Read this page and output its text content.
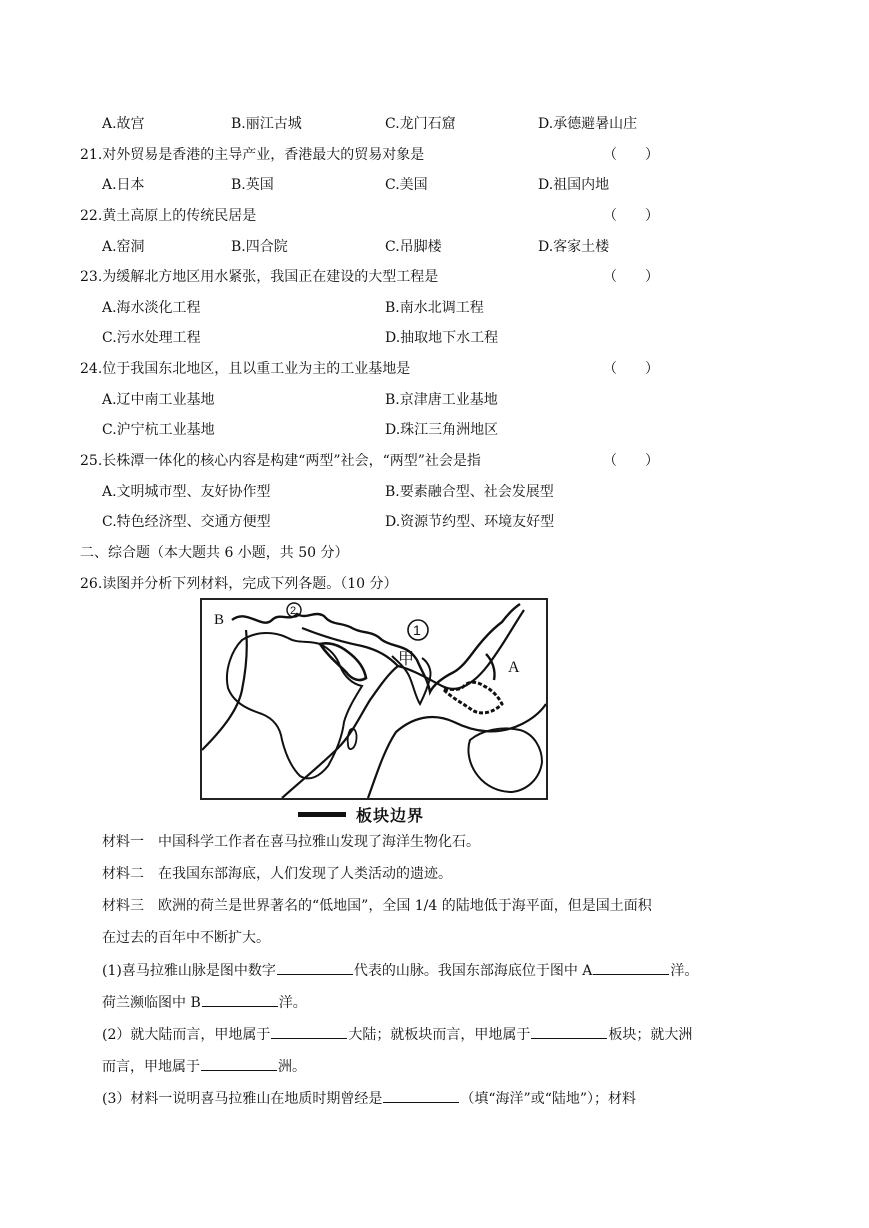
A.故宫	B.丽江古城	C.龙门石窟	D.承德避暑山庄
21.对外贸易是香港的主导产业，香港最大的贸易对象是	（　　）
A.日本	B.英国	C.美国	D.祖国内地
22.黄土高原上的传统民居是	（　　）
A.窑洞	B.四合院	C.吊脚楼	D.客家土楼
23.为缓解北方地区用水紧张，我国正在建设的大型工程是	（　　）
A.海水淡化工程	B.南水北调工程
C.污水处理工程	D.抽取地下水工程
24.位于我国东北地区，且以重工业为主的工业基地是	（　　）
A.辽中南工业基地	B.京津唐工业基地
C.沪宁杭工业基地	D.珠江三角洲地区
25.长株潭一体化的核心内容是构建“两型”社会，“两型”社会是指	（　　）
A.文明城市型、友好协作型	B.要素融合型、社会发展型
C.特色经济型、交通方便型	D.资源节约型、环境友好型
二、综合题（本大题共 6 小题，共 50 分）
26.读图并分析下列材料，完成下列各题。（10 分）
B
2
1
甲	A
板块边界
材料一　中国科学工作者在喜马拉雅山发现了海洋生物化石。
材料二　在我国东部海底，人们发现了人类活动的遗迹。
材料三　欧洲的荷兰是世界著名的“低地国”，全国 1/4 的陆地低于海平面，但是国土面积
在过去的百年中不断扩大。
(1)喜马拉雅山脉是图中数字	代表的山脉。我国东部海底位于图中 A	洋。
荷兰濒临图中 B	洋。
(2）就大陆而言，甲地属于	大陆；就板块而言，甲地属于	板块；就大洲
而言，甲地属于	洲。
(3）材料一说明喜马拉雅山在地质时期曾经是	（填“海洋”或“陆地”）；材料
